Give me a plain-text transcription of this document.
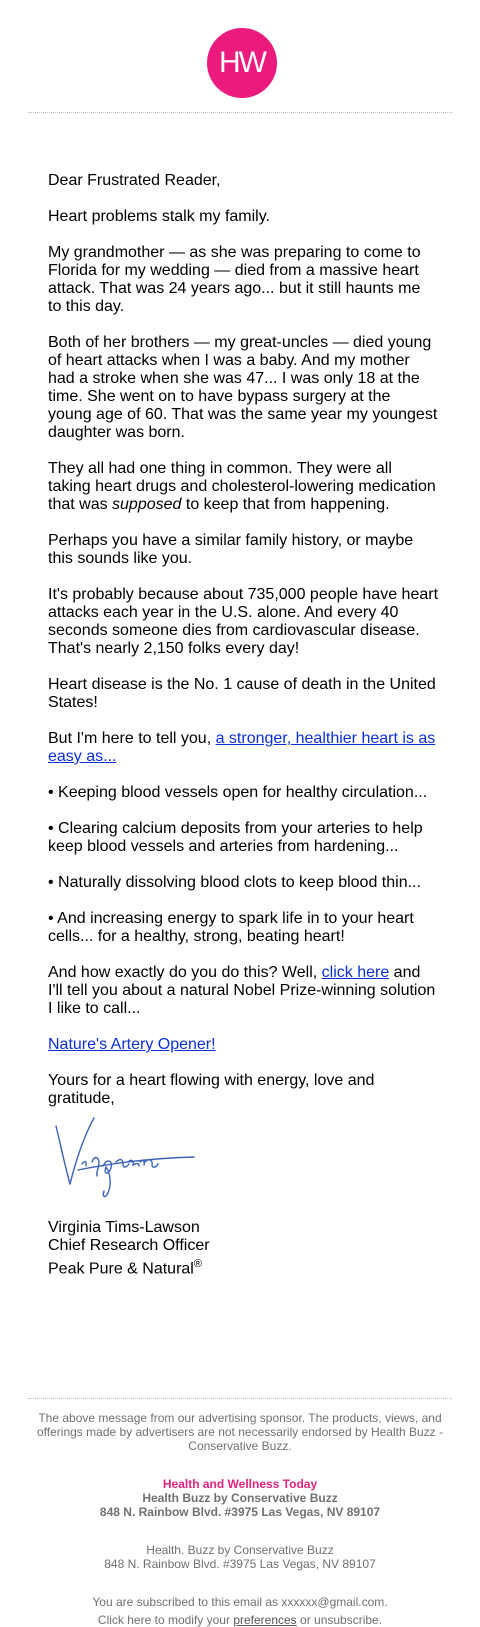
HW

Dear Frustrated Reader,

Heart problems stalk my family.

My grandmother — as she was preparing to come to Florida for my wedding — died from a massive heart attack. That was 24 years ago... but it still haunts me to this day.

Both of her brothers — my great-uncles — died young of heart attacks when I was a baby. And my mother had a stroke when she was 47... I was only 18 at the time. She went on to have bypass surgery at the young age of 60. That was the same year my youngest daughter was born.

They all had one thing in common. They were all taking heart drugs and cholesterol-lowering medication that was supposed to keep that from happening.

Perhaps you have a similar family history, or maybe this sounds like you.

It's probably because about 735,000 people have heart attacks each year in the U.S. alone. And every 40 seconds someone dies from cardiovascular disease. That's nearly 2,150 folks every day!

Heart disease is the No. 1 cause of death in the United States!

But I'm here to tell you, a stronger, healthier heart is as easy as...

• Keeping blood vessels open for healthy circulation...

• Clearing calcium deposits from your arteries to help keep blood vessels and arteries from hardening...

• Naturally dissolving blood clots to keep blood thin...

• And increasing energy to spark life in to your heart cells... for a healthy, strong, beating heart!

And how exactly do you do this? Well, click here and I'll tell you about a natural Nobel Prize-winning solution I like to call...

Nature's Artery Opener!

Yours for a heart flowing with energy, love and gratitude,

Virginia Tims-Lawson

Chief Research Officer

Peak Pure & Natural®

The above message from our advertising sponsor. The products, views, and offerings made by advertisers are not necessarily endorsed by Health Buzz - Conservative Buzz.

Health and Wellness Today

Health Buzz by Conservative Buzz

848 N. Rainbow Blvd. #3975 Las Vegas, NV 89107

Health. Buzz by Conservative Buzz

848 N. Rainbow Blvd. #3975 Las Vegas, NV 89107

You are subscribed to this email as xxxxxx@gmail.com.

Click here to modify your preferences or unsubscribe.
